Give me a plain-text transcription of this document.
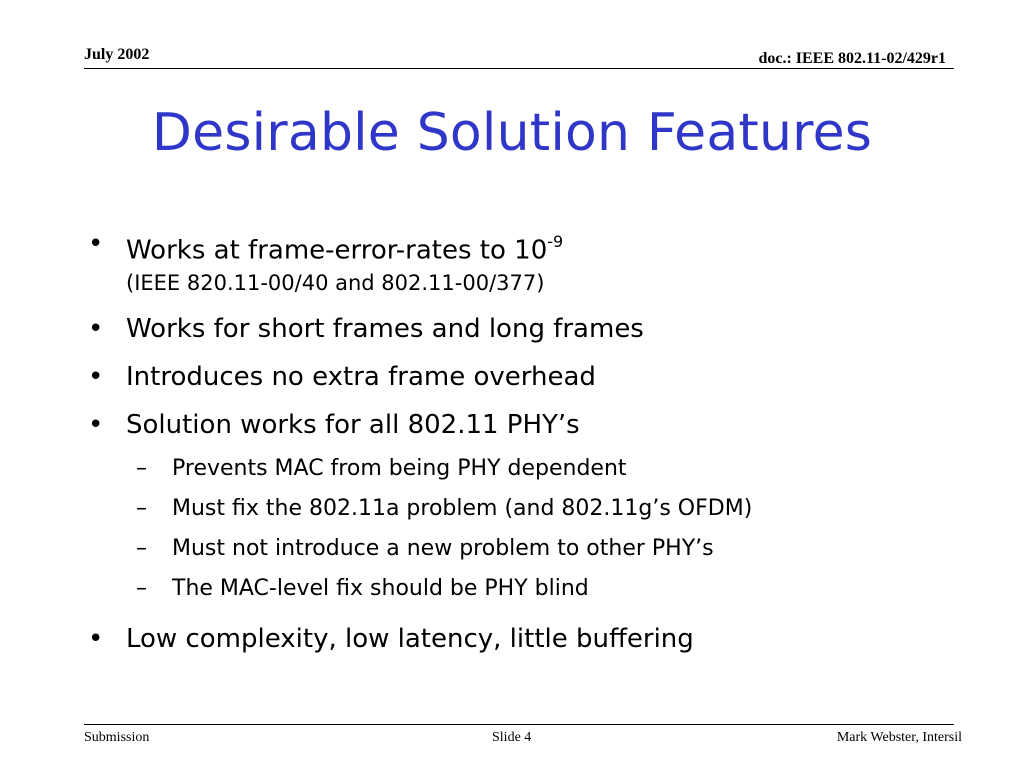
July 2002	doc.: IEEE 802.11-02/429r1
Desirable Solution Features
• Works at frame-error-rates to $10^{-9}$
(IEEE 820.11-00/40 and 802.11-00/377)
• Works for short frames and long frames
• Introduces no extra frame overhead
• Solution works for all 802.11 PHY’s
– Prevents MAC from being PHY dependent
– Must fix the 802.11a problem (and 802.11g’s OFDM)
– Must not introduce a new problem to other PHY’s
– The MAC-level fix should be PHY blind
• Low complexity, low latency, little buffering
Submission	Slide 4	Mark Webster, Intersil
